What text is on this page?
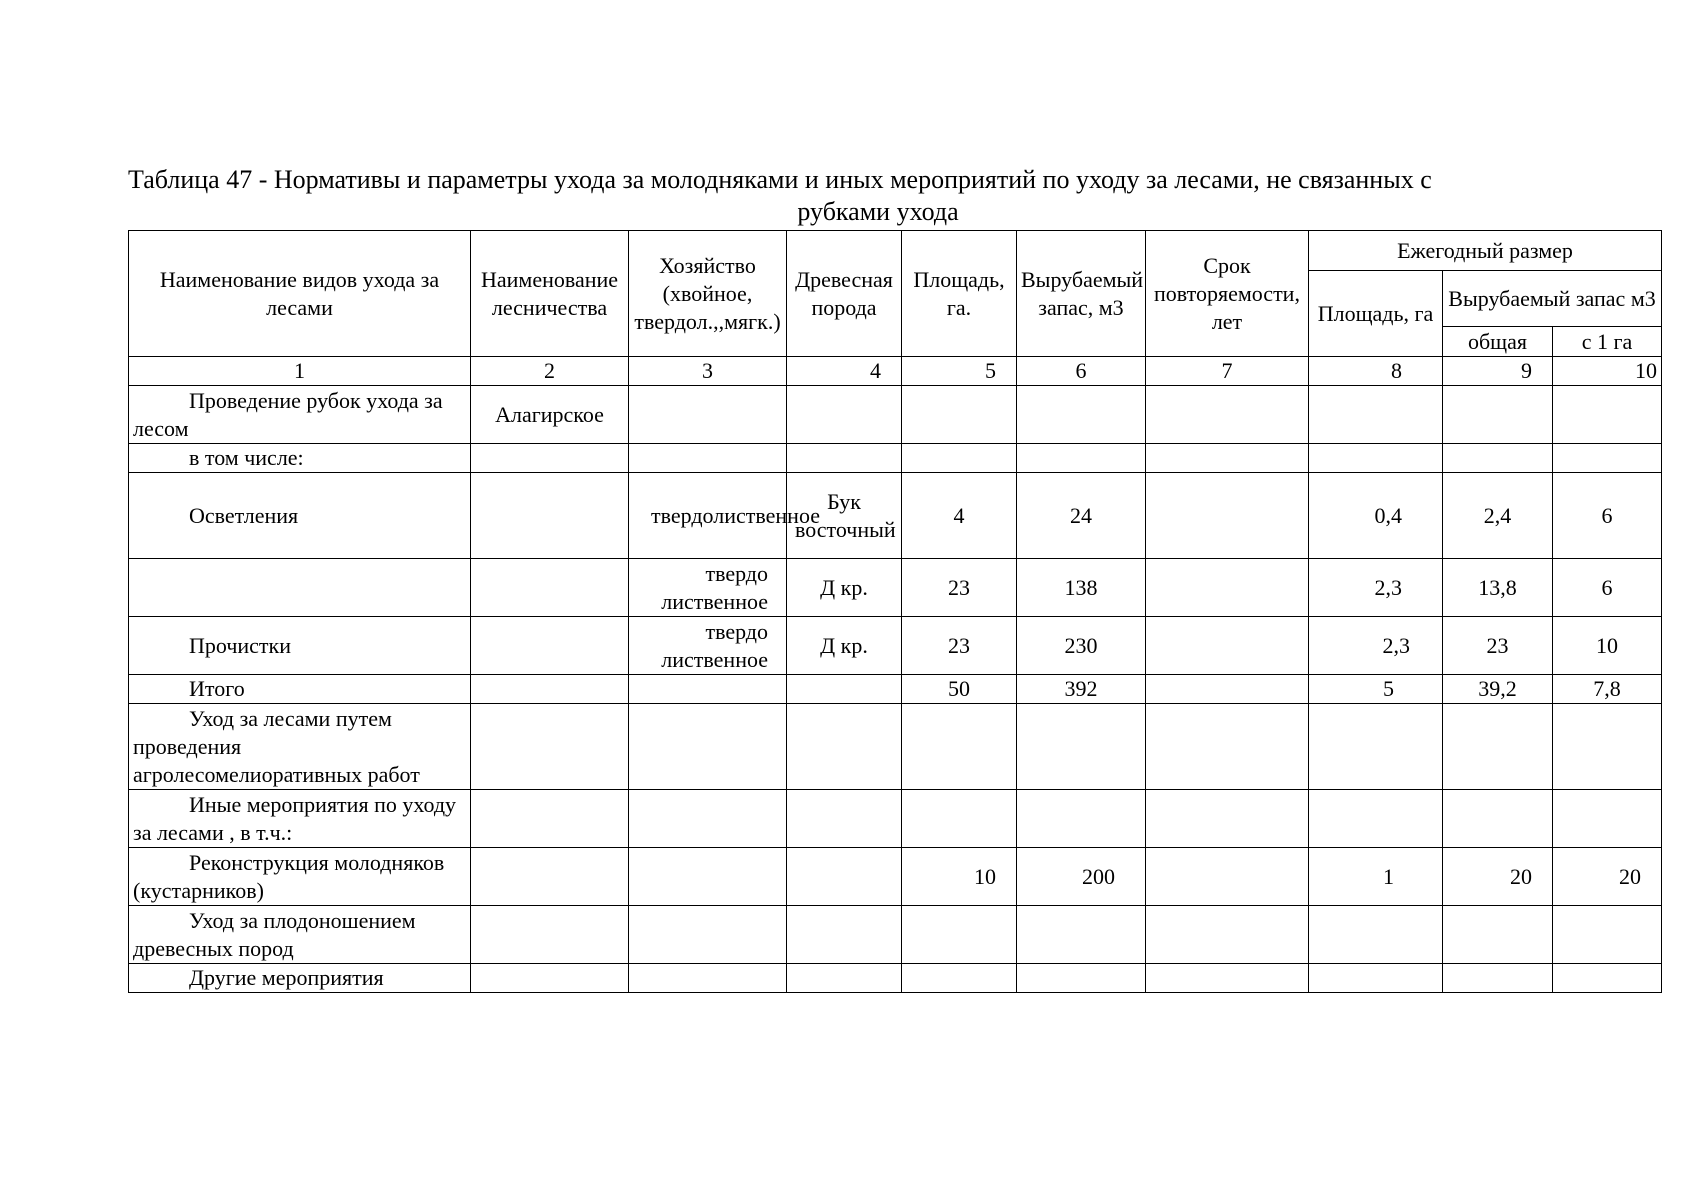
Таблица 47 - Нормативы и параметры ухода за молодняками и иных мероприятий по уходу за лесами, не связанных с
рубками ухода
Наименование видов ухода за лесами	Наименование лесничества	Хозяйство (хвойное, твердол.,,мягк.)	Древесная порода	Площадь, га.	Вырубаемый запас, м3	Срок повторяемости, лет	Ежегодный размер		
							Площадь, га	Вырубаемый запас м3	
								общая	с 1 га
1	2	3	4	5	6	7	8	9	10

Проведение рубок ухода за лесом	Алагирское								

в том числе:									

Осветления		твердолиственное	Бук восточный	4	24		0,4	2,4	6

		твердо лиственное	Д кр.	23	138		2,3	13,8	6

Прочистки		твердо лиственное	Д кр.	23	230		2,3	23	10

Итого				50	392		5	39,2	7,8

Уход за лесами путем проведения агролесомелиоративных работ									

Иные мероприятия по уходу за лесами , в т.ч.:									

Реконструкция молодняков (кустарников)				10	200		1	20	20

Уход за плодоношением древесных пород									

Другие мероприятия									
